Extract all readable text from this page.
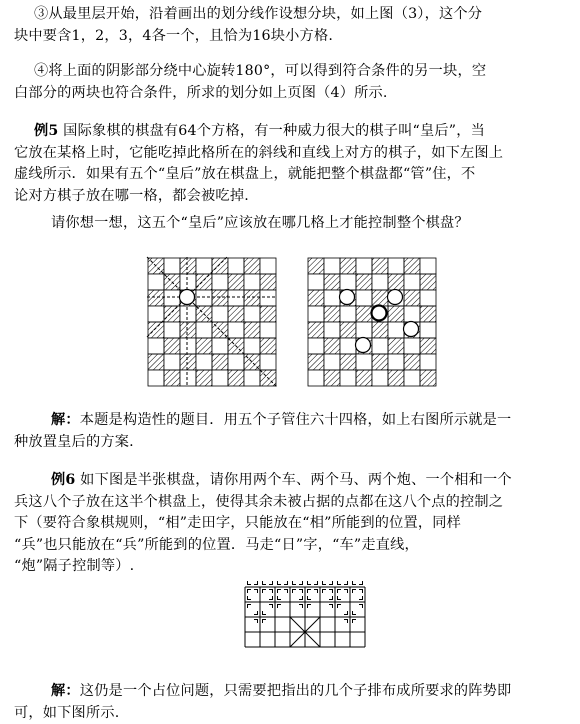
③从最里层开始，沿着画出的划分线作设想分块，如上图（3），这个分
块中要含1，2，3，4各一个，且恰为16块小方格.
④将上面的阴影部分绕中心旋转180°，可以得到符合条件的另一块，空
白部分的两块也符合条件，所求的划分如上页图（4）所示.
例5 国际象棋的棋盘有64个方格，有一种威力很大的棋子叫“皇后”，当
它放在某格上时，它能吃掉此格所在的斜线和直线上对方的棋子，如下左图上
虚线所示．如果有五个“皇后”放在棋盘上，就能把整个棋盘都“管”住，不
论对方棋子放在哪一格，都会被吃掉.
请你想一想，这五个“皇后”应该放在哪几格上才能控制整个棋盘？
解：本题是构造性的题目．用五个子管住六十四格，如上右图所示就是一
种放置皇后的方案.
例6 如下图是半张棋盘，请你用两个车、两个马、两个炮、一个相和一个
兵这八个子放在这半个棋盘上，使得其余未被占据的点都在这八个点的控制之
下（要符合象棋规则，“相”走田字，只能放在“相”所能到的位置，同样
“兵”也只能放在“兵”所能到的位置．马走“日”字，“车”走直线，
“炮”隔子控制等）.
解：这仍是一个占位问题，只需要把指出的几个子排布成所要求的阵势即
可，如下图所示.
